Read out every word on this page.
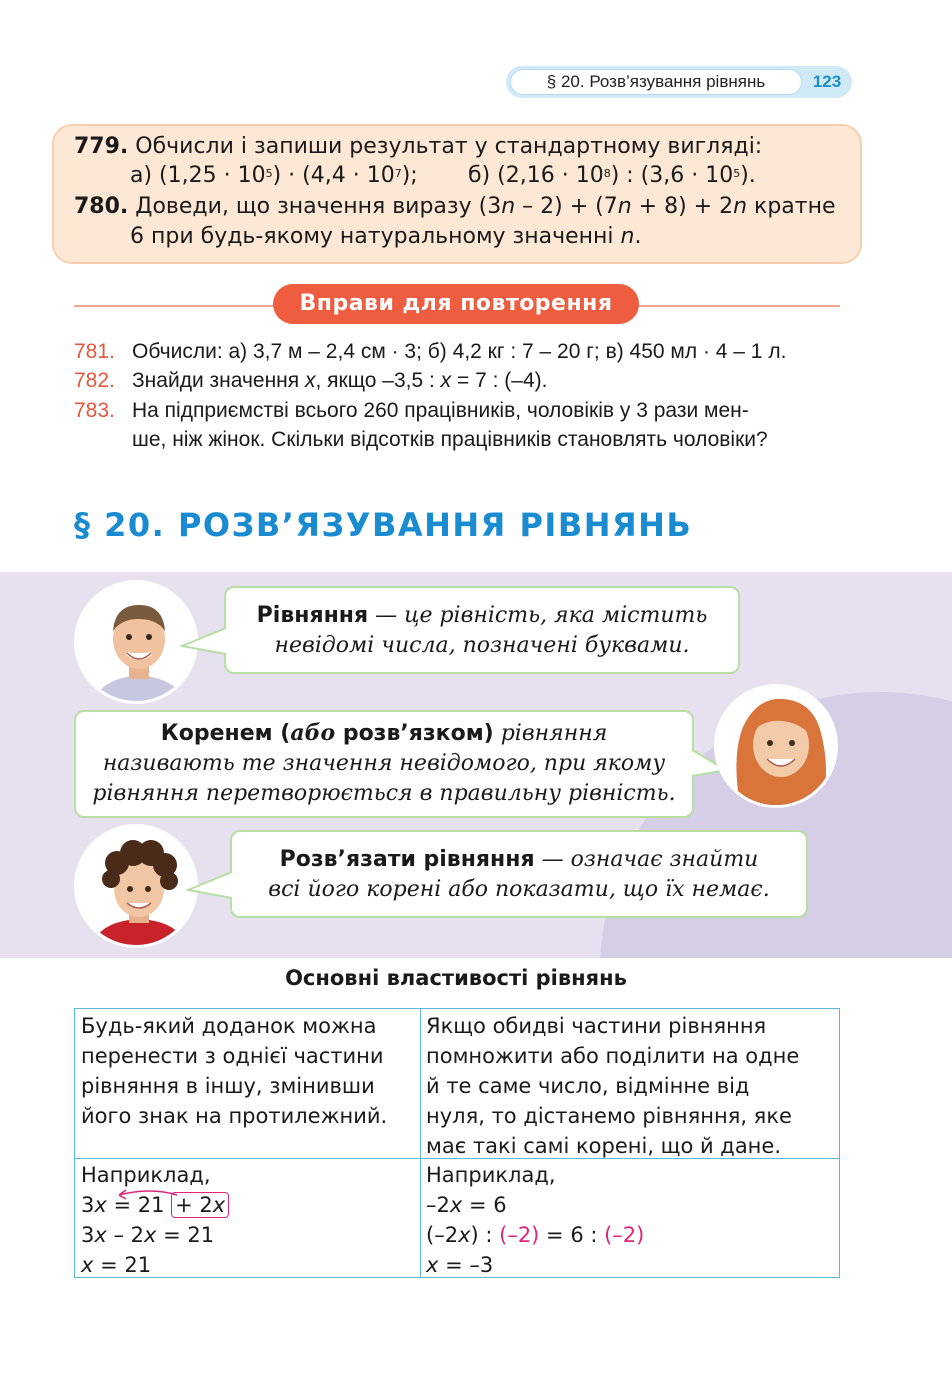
§ 20. Розв’язування рівнянь	123
779. Обчисли і запиши результат у стандартному вигляді:
а) $(1,25 \cdot 10^5) \cdot (4,4 \cdot 10^7)$; б) $(2,16 \cdot 10^8)$ : $(3,6 \cdot 10^5)$.
780. Доведи, що значення виразу (3n – 2) + (7n + 8) + 2n кратне
6 при будь-якому натуральному значенні n.
Вправи для повторення
781. Обчисли: а) 3,7 м – 2,4 см · 3; б) 4,2 кг : 7 – 20 г; в) 450 мл · 4 – 1 л.
782. Знайди значення x, якщо –3,5 : x = 7 : (–4).
783. На підприємстві всього 260 працівників, чоловіків у 3 рази мен-
ше, ніж жінок. Скільки відсотків працівників становлять чоловіки?
§ 20. РОЗВ’ЯЗУВАННЯ РІВНЯНЬ
Рівняння — це рівність, яка містить
невідомі числа, позначені буквами.
Коренем (або розв’язком) рівняння
називають те значення невідомого, при якому
рівняння перетворюється в правильну рівність.
Розв’язати рівняння — означає знайти
всі його корені або показати, що їх немає.
Основні властивості рівнянь
Будь-який доданок можна
перенести з однієї частини
рівняння в іншу, змінивши
його знак на протилежний.
Якщо обидві частини рівняння
помножити або поділити на одне
й те саме число, відмінне від
нуля, то дістанемо рівняння, яке
має такі самі корені, що й дане.
Наприклад,
3x = 21 + 2x
3x – 2x = 21
x = 21
Наприклад,
–2x = 6
(–2x) : (–2) = 6 : (–2)
x = –3
